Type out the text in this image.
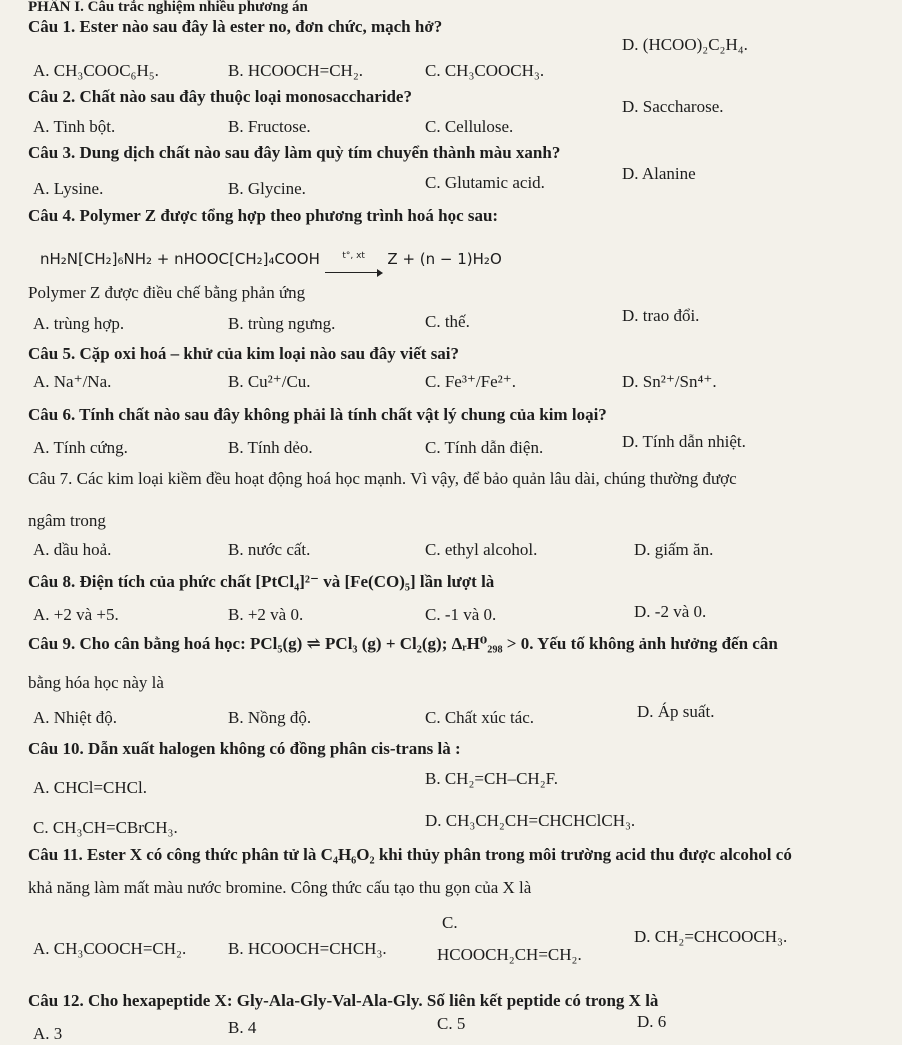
PHẦN I. Câu trắc nghiệm nhiều phương án
Câu 1. Ester nào sau đây là ester no, đơn chức, mạch hở?
A. CH₃COOC₆H₅.	B. HCOOCH=CH₂.	C. CH₃COOCH₃.
D. (HCOO)₂C₂H₄.
Câu 2. Chất nào sau đây thuộc loại monosaccharide?
A. Tinh bột.	B. Fructose.	C. Cellulose.
D. Saccharose.
Câu 3. Dung dịch chất nào sau đây làm quỳ tím chuyển thành màu xanh?
A. Lysine.	B. Glycine.	C. Glutamic acid.	D. Alanine
Câu 4. Polymer Z được tổng hợp theo phương trình hoá học sau:
nH₂N[CH₂]₆NH₂ + nHOOC[CH₂]₄COOH t°, xt Z + (n − 1)H₂O
Polymer Z được điều chế bằng phản ứng
A. trùng hợp.	B. trùng ngưng.	C. thế.	D. trao đổi.
Câu 5. Cặp oxi hoá – khử của kim loại nào sau đây viết sai?
A. Na⁺/Na.	B. Cu²⁺/Cu.	C. Fe³⁺/Fe²⁺.	D. Sn²⁺/Sn⁴⁺.
Câu 6. Tính chất nào sau đây không phải là tính chất vật lý chung của kim loại?
A. Tính cứng.	B. Tính dẻo.	C. Tính dẫn điện.	D. Tính dẫn nhiệt.
Câu 7. Các kim loại kiềm đều hoạt động hoá học mạnh. Vì vậy, để bảo quản lâu dài, chúng thường được
ngâm trong
A. dầu hoả.	B. nước cất.	C. ethyl alcohol.	D. giấm ăn.
Câu 8. Điện tích của phức chất [PtCl₄]²⁻ và [Fe(CO)₅] lần lượt là
A. +2 và +5.	B. +2 và 0.	C. -1 và 0.	D. -2 và 0.
Câu 9. Cho cân bằng hoá học: PCl₅(g) ⇌ PCl₃ (g) + Cl₂(g); ΔᵣH⁰₂₉₈ > 0. Yếu tố không ảnh hưởng đến cân
bằng hóa học này là
A. Nhiệt độ.	B. Nồng độ.	C. Chất xúc tác.	D. Áp suất.
Câu 10. Dẫn xuất halogen không có đồng phân cis-trans là :
A. CHCl=CHCl.	B. CH₂=CH–CH₂F.
C. CH₃CH=CBrCH₃.	D. CH₃CH₂CH=CHCHClCH₃.
Câu 11. Ester X có công thức phân tử là C₄H₆O₂ khi thủy phân trong môi trường acid thu được alcohol có
khả năng làm mất màu nước bromine. Công thức cấu tạo thu gọn của X là
A. CH₃COOCH=CH₂. B. HCOOCH=CHCH₃.
C.
HCOOCH₂CH=CH₂.
D. CH₂=CHCOOCH₃.
Câu 12. Cho hexapeptide X: Gly-Ala-Gly-Val-Ala-Gly. Số liên kết peptide có trong X là
A. 3	B. 4	C. 5	D. 6
